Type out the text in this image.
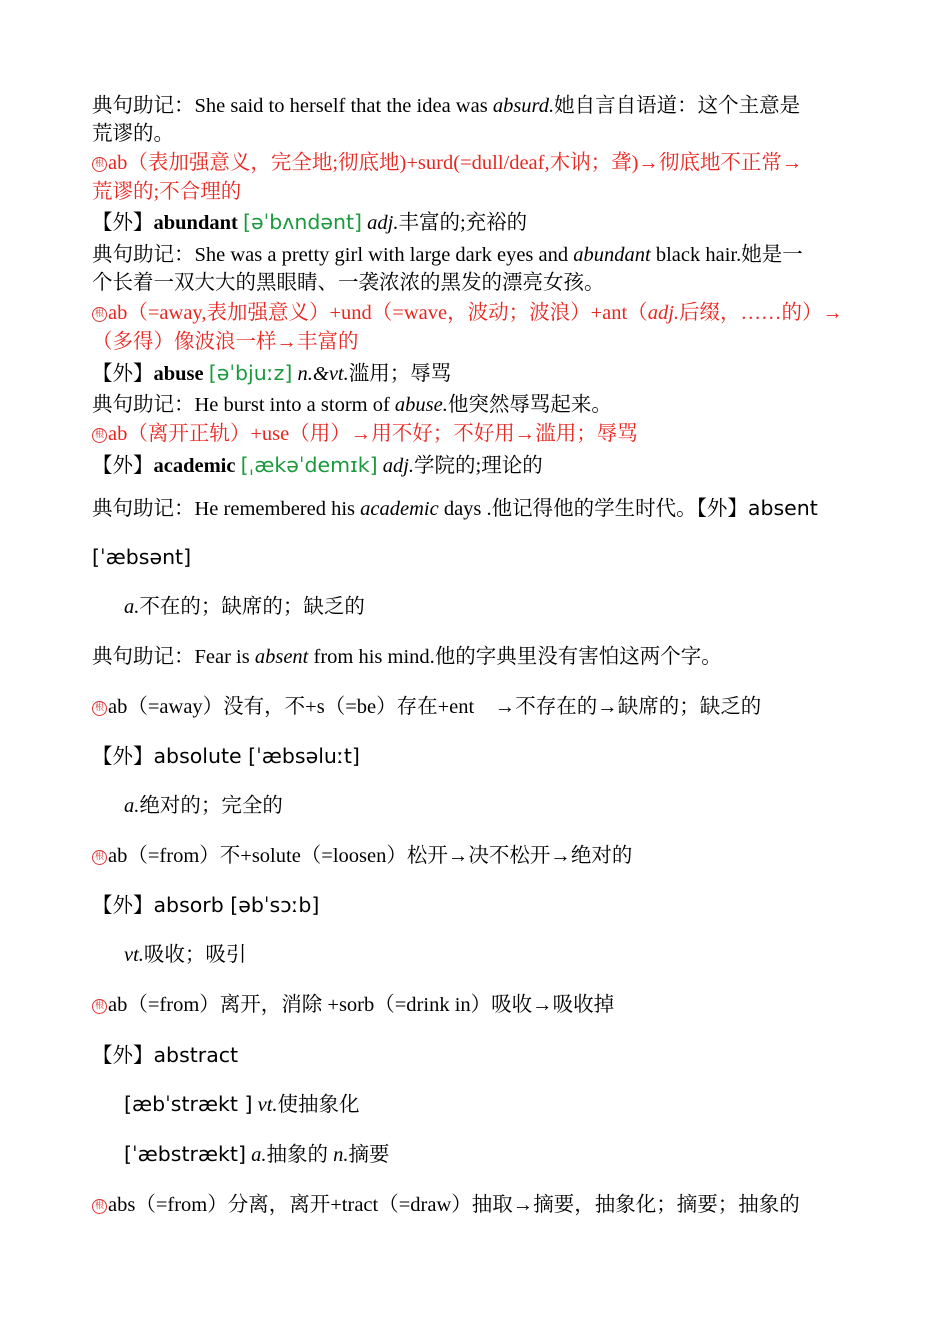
典句助记：She said to herself that the idea was absurd.她自言自语道：这个主意是
荒谬的。
根 ab（表加强意义，完全地;彻底地)+surd(=dull/deaf,木讷；聋)→彻底地不正常→
荒谬的;不合理的
【外】abundant [əˈbʌndənt] adj.丰富的;充裕的
典句助记：She was a pretty girl with large dark eyes and abundant black hair.她是一
个长着一双大大的黑眼睛、一袭浓浓的黑发的漂亮女孩。
根 ab（=away,表加强意义）+und（=wave，波动；波浪）+ant（adj.后缀，……的）→
（多得）像波浪一样→丰富的
【外】abuse [əˈbjuːz] n.&vt.滥用；辱骂
典句助记：He burst into a storm of abuse.他突然辱骂起来。
根 ab（离开正轨）+use（用）→用不好；不好用→滥用；辱骂
【外】academic [ˌækəˈdemɪk] adj.学院的;理论的
典句助记：He remembered his academic days .他记得他的学生时代。【外】absent
[ˈæbsənt]
a.不在的；缺席的；缺乏的
典句助记：Fear is absent from his mind.他的字典里没有害怕这两个字。
根 ab（=away）没有，不+s（=be）存在+ent　→不存在的→缺席的；缺乏的
【外】absolute [ˈæbsəluːt]
a.绝对的；完全的
根 ab（=from）不+solute（=loosen）松开→决不松开→绝对的
【外】absorb [əbˈsɔːb]
vt.吸收；吸引
根 ab（=from）离开，消除 +sorb（=drink in）吸收→吸收掉
【外】abstract
[æbˈstrækt ] vt.使抽象化
[ˈæbstrækt] a.抽象的 n.摘要
根 abs（=from）分离，离开+tract（=draw）抽取→摘要，抽象化；摘要；抽象的
